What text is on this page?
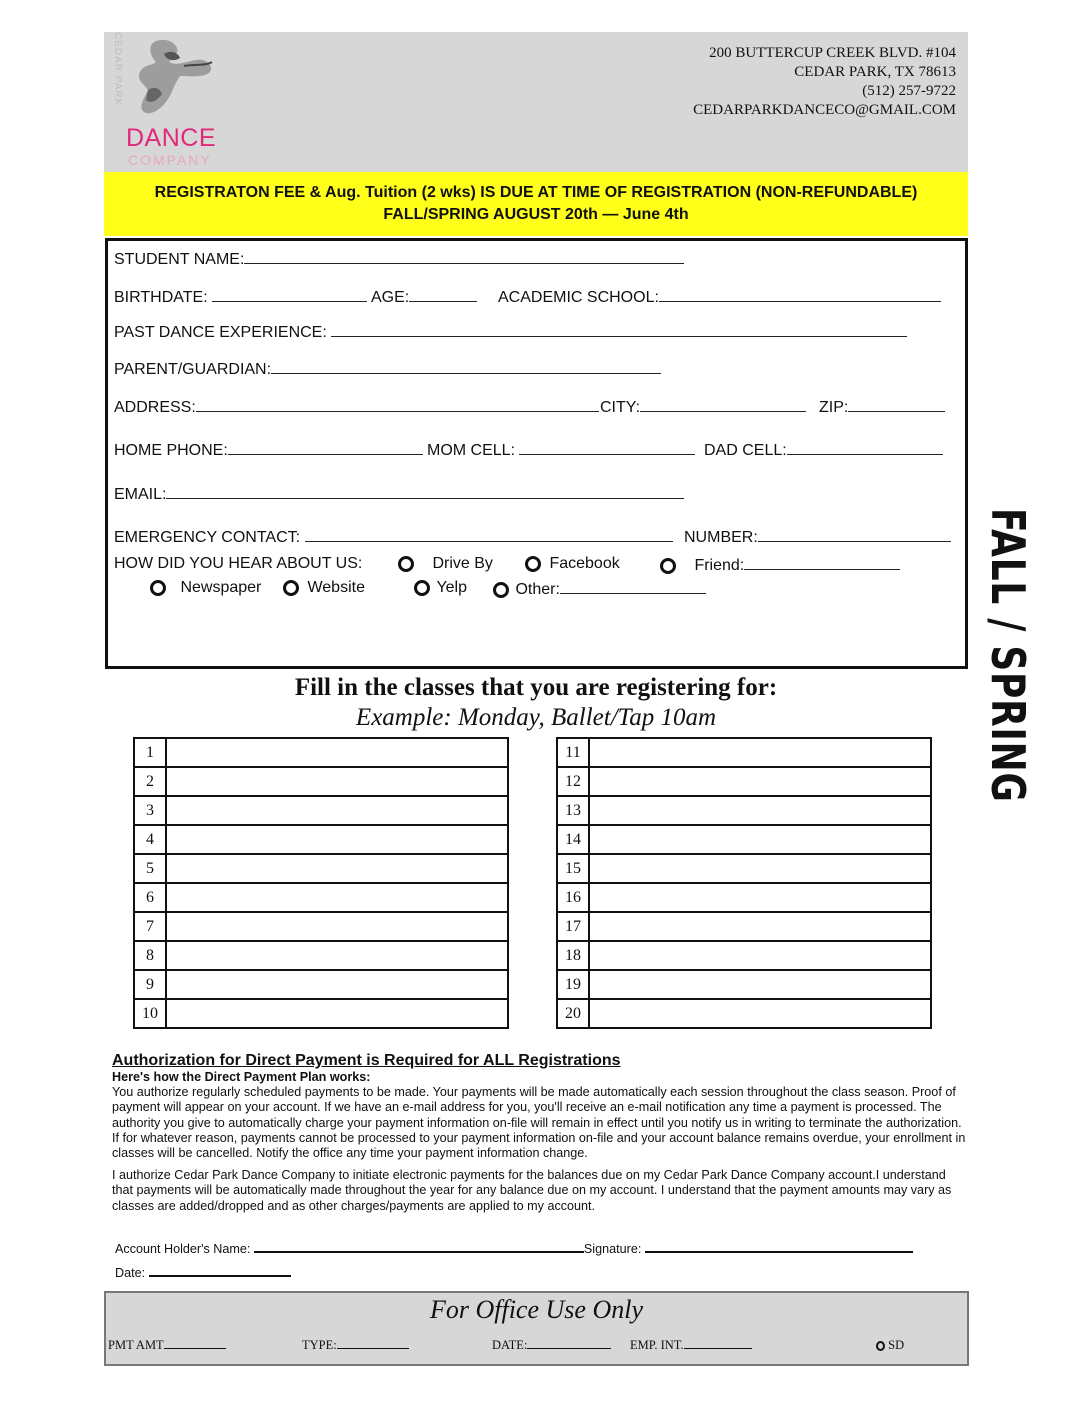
CEDAR PARK
DANCE
COMPANY
200 BUTTERCUP CREEK BLVD. #104
CEDAR PARK, TX 78613
(512) 257-9722
CEDARPARKDANCECO@GMAIL.COM
REGISTRATON FEE & Aug. Tuition (2 wks) IS DUE AT TIME OF REGISTRATION (NON-REFUNDABLE)
FALL/SPRING AUGUST 20th — June 4th
STUDENT NAME:
BIRTHDATE:	AGE:	ACADEMIC SCHOOL:
PAST DANCE EXPERIENCE:
PARENT/GUARDIAN:
ADDRESS:	CITY:	ZIP:
HOME PHONE:	MOM CELL:	DAD CELL:
EMAIL:
EMERGENCY CONTACT:	NUMBER:
HOW DID YOU HEAR ABOUT US:	Drive By	Facebook	Friend:
Newspaper	Website	Yelp	Other:	FALL / SPRING
Fill in the classes that you are registering for:
Example: Monday, Ballet/Tap 10am
1	
2	
3	
4	
5	
6	
7	
8	
9	
10	
11	
12	
13	
14	
15	
16	
17	
18	
19	
20	
Authorization for Direct Payment is Required for ALL Registrations
Here's how the Direct Payment Plan works:
You authorize regularly scheduled payments to be made. Your payments will be made automatically each session throughout the class season. Proof of payment will appear on your account. If we have an e-mail address for you, you'll receive an e-mail notification any time a payment is processed. The authority you give to automatically charge your payment information on-file will remain in effect until you notify us in writing to terminate the authorization. If for whatever reason, payments cannot be processed to your payment information on-file and your account balance remains overdue, your enrollment in classes will be cancelled. Notify the office any time your payment information change.
I authorize Cedar Park Dance Company to initiate electronic payments for the balances due on my Cedar Park Dance Company account.I understand that payments will be automatically made throughout the year for any balance due on my account. I understand that the payment amounts may vary as classes are added/dropped and as other charges/payments are applied to my account.
Account Holder's Name:	Signature:
Date:
For Office Use Only
PMT AMT	TYPE:	DATE:	EMP. INT.	SD
